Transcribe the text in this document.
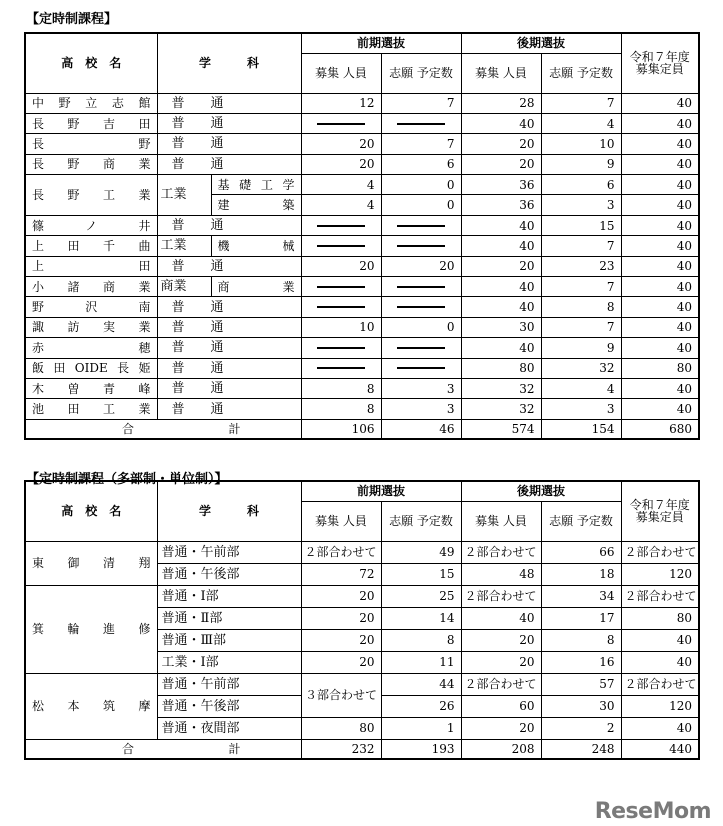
【定時制課程】
高　校　名	学　　　科		前期選抜		後期選抜		令和７年度 募集定員
			募集 人員	志願 予定数	募集 人員	志願 予定数	
中野立志館	普　　通		12	7	28	7	40
長野吉田	普　　通				40	4	40
長野	普　　通		20	7	20	10	40
長野商業	普　　通		20	6	20	9	40
長野工業	工業	基礎工学	4	0	36	6	40
		建築	4	0	36	3	40
篠ノ井	普　　通				40	15	40
上田千曲	工業	機械			40	7	40
上田	普　　通		20	20	20	23	40
小諸商業	商業	商業			40	7	40
野沢南	普　　通				40	8	40
諏訪実業	普　　通		10	0	30	7	40
赤穂	普　　通				40	9	40
飯田OIDE長姫	普　　通				80	32	80
木曽青峰	普　　通		8	3	32	4	40
池田工業	普　　通		8	3	32	3	40
合　　　　計			106	46	574	154	680
【定時制課程（多部制・単位制）】
高　校　名	学　　　科	前期選抜		後期選抜		令和７年度 募集定員
		募集 人員	志願 予定数	募集 人員	志願 予定数	
東御清翔	普通・午前部	２部合わせて	49	２部合わせて	66	２部合わせて
	普通・午後部	72	15	48	18	120
箕輪進修	普通・Ⅰ部	20	25	２部合わせて	34	２部合わせて
	普通・Ⅱ部	20	14	40	17	80
	普通・Ⅲ部	20	8	20	8	40
	工業・Ⅰ部	20	11	20	16	40
松本筑摩	普通・午前部	３部合わせて	44	２部合わせて	57	２部合わせて
	普通・午後部		26	60	30	120
	普通・夜間部	80	1	20	2	40
合　　　　計		232	193	208	248	440
ReseMom
